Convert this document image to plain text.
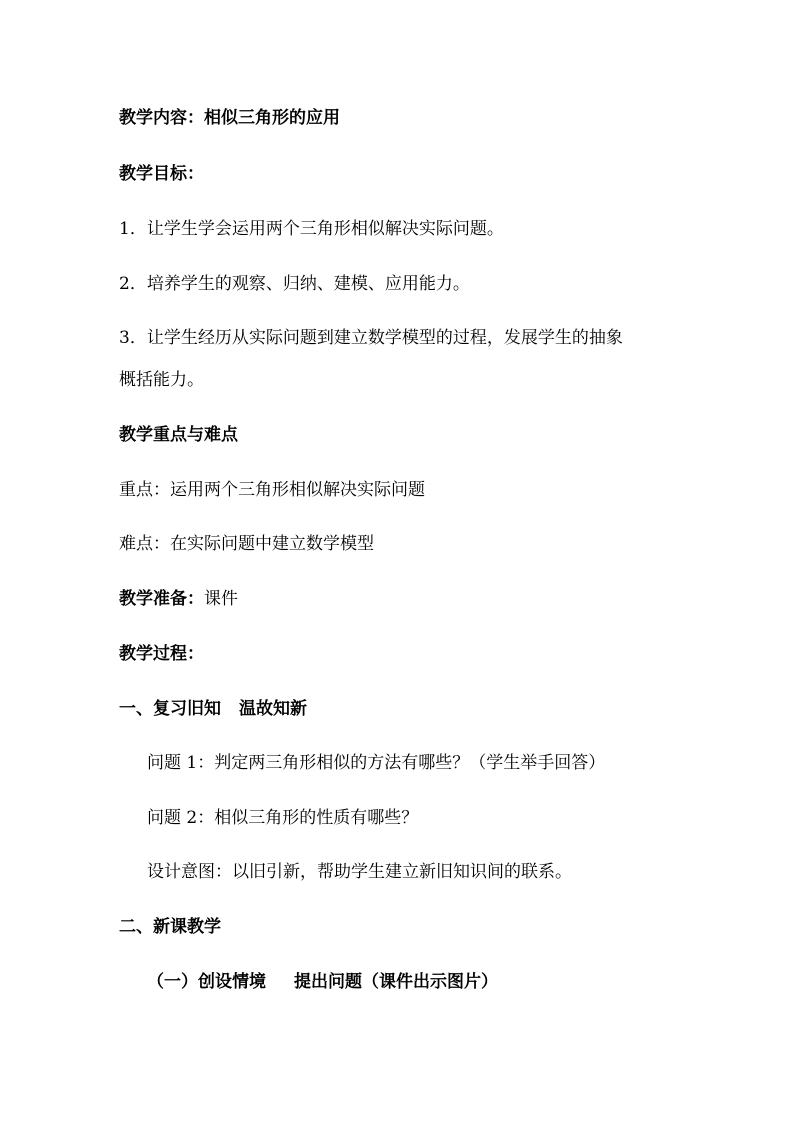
教学内容：相似三角形的应用
教学目标：
1．让学生学会运用两个三角形相似解决实际问题。
2．培养学生的观察、归纳、建模、应用能力。
3．让学生经历从实际问题到建立数学模型的过程，发展学生的抽象
概括能力。
教学重点与难点
重点：运用两个三角形相似解决实际问题
难点：在实际问题中建立数学模型
教学准备：课件
教学过程：
一、复习旧知 温故知新
问题 1：判定两三角形相似的方法有哪些？（学生举手回答）
问题 2：相似三角形的性质有哪些？
设计意图：以旧引新，帮助学生建立新旧知识间的联系。
二、新课教学
（一）创设情境 提出问题（课件出示图片）
